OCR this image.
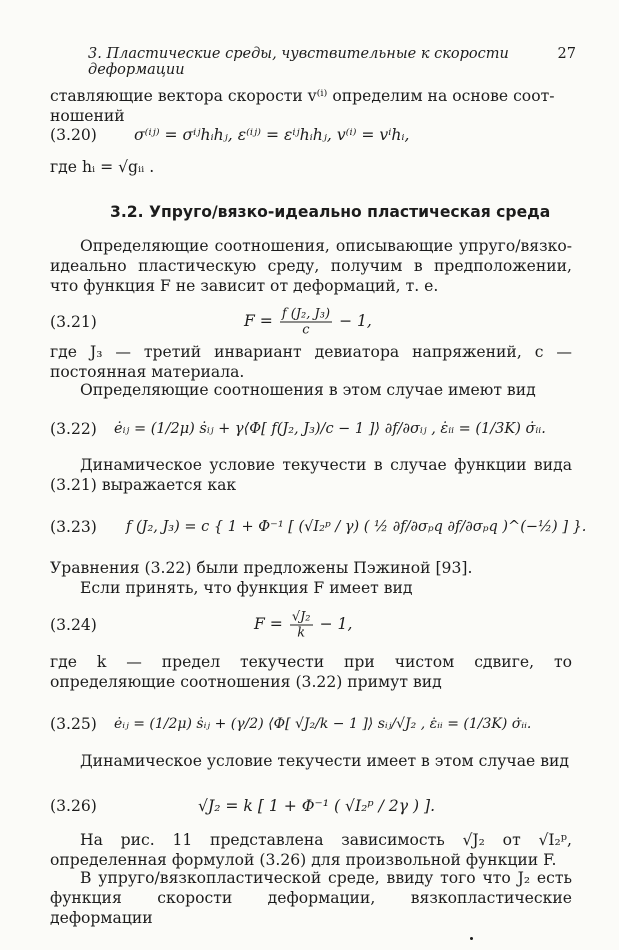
3. Пластические среды, чувствительные к скорости деформации
27
ставляющие вектора скорости v⁽ⁱ⁾ определим на основе соот-
ношений
(3.20) σ⁽ⁱʲ⁾ = σⁱʲhᵢhⱼ, ε⁽ⁱʲ⁾ = εⁱʲhᵢhⱼ, v⁽ⁱ⁾ = vⁱhᵢ,
где hᵢ = √gᵢᵢ .
3.2. Упруго/вязко-идеально пластическая среда
Определяющие соотношения, описывающие упруго/вязко-идеально пластическую среду, получим в предположении, что функция F не зависит от деформаций, т. е.
(3.21)	$F = \frac{\text{f (J₂, J₃)}}{c} - 1$,
где J₃ — третий инвариант девиатора напряжений, c — постоянная материала.
Определяющие соотношения в этом случае имеют вид
(3.22) ėᵢⱼ = (1/2μ) ṡᵢⱼ + γ⟨Φ[ f(J₂, J₃)/c − 1 ]⟩ ∂f/∂σᵢⱼ , ε̇ᵢᵢ = (1/3K) σ̇ᵢᵢ.
Динамическое условие текучести в случае функции вида (3.21) выражается как
(3.23) f (J₂, J₃) = c { 1 + Φ⁻¹ [ (√I₂ᵖ / γ) ( ½ ∂f/∂σₚq ∂f/∂σₚq )^(−½) ] }.
Уравнения (3.22) были предложены Пэжиной [93].
Если принять, что функция F имеет вид
(3.24)	$F = \frac{\text{√J₂}}{k} - 1$,
где k — предел текучести при чистом сдвиге, то определяющие соотношения (3.22) примут вид
(3.25) ėᵢⱼ = (1/2μ) ṡᵢⱼ + (γ/2) ⟨Φ[ √J₂/k − 1 ]⟩ sᵢⱼ/√J₂ , ε̇ᵢᵢ = (1/3K) σ̇ᵢᵢ.
Динамическое условие текучести имеет в этом случае вид
(3.26)	√J₂ = k [ 1 + Φ⁻¹ ( √I₂ᵖ / 2γ ) ].
На рис. 11 представлена зависимость √J₂ от √I₂ᵖ, определенная формулой (3.26) для произвольной функции F.
В упруго/вязкопластической среде, ввиду того что J₂ есть функция скорости деформации, вязкопластические деформации
